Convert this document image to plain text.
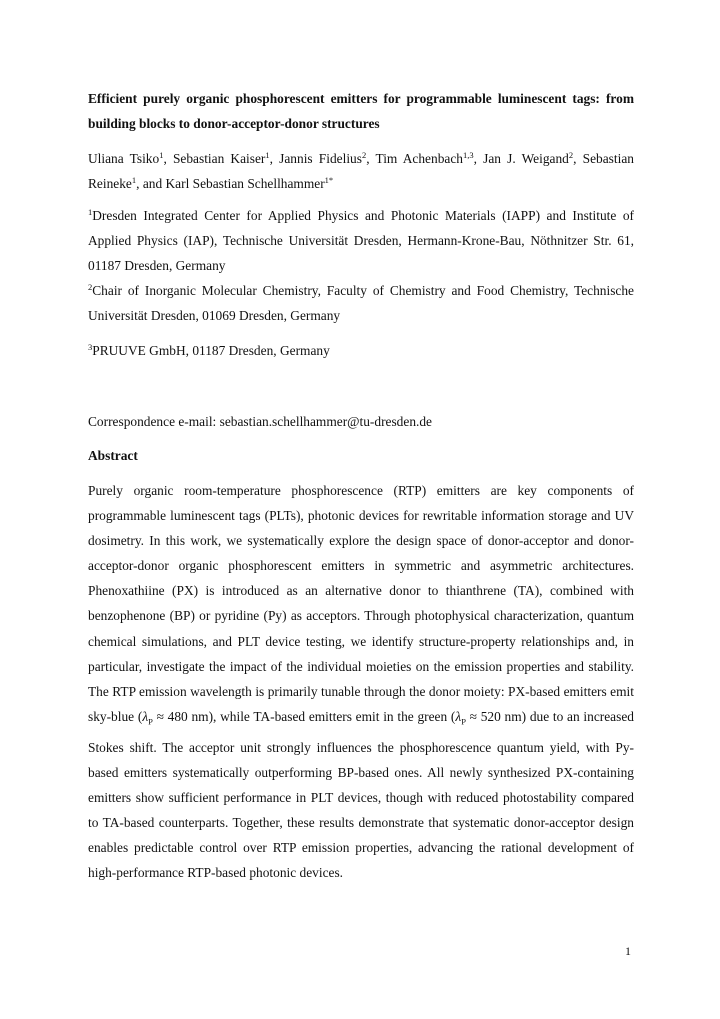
Efficient purely organic phosphorescent emitters for programmable luminescent tags: from building blocks to donor-acceptor-donor structures

Uliana Tsiko$^1$, Sebastian Kaiser$^1$, Jannis Fidelius$^2$, Tim Achenbach$^{1,3}$, Jan J. Weigand$^2$, Sebastian Reineke$^1$, and Karl Sebastian Schellhammer$^{1*}$

$^1$Dresden Integrated Center for Applied Physics and Photonic Materials (IAPP) and Institute of Applied Physics (IAP), Technische Universität Dresden, Hermann-Krone-Bau, Nöthnitzer Str. 61, 01187 Dresden, Germany

$^2$Chair of Inorganic Molecular Chemistry, Faculty of Chemistry and Food Chemistry, Technische Universität Dresden, 01069 Dresden, Germany

$^3$PRUUVE GmbH, 01187 Dresden, Germany

Correspondence e-mail: sebastian.schellhammer@tu-dresden.de

Abstract

Purely organic room-temperature phosphorescence (RTP) emitters are key components of programmable luminescent tags (PLTs), photonic devices for rewritable information storage and UV dosimetry. In this work, we systematically explore the design space of donor-acceptor and donor-acceptor-donor organic phosphorescent emitters in symmetric and asymmetric architectures. Phenoxathiine (PX) is introduced as an alternative donor to thianthrene (TA), combined with benzophenone (BP) or pyridine (Py) as acceptors. Through photophysical characterization, quantum chemical simulations, and PLT device testing, we identify structure-property relationships and, in particular, investigate the impact of the individual moieties on the emission properties and stability. The RTP emission wavelength is primarily tunable through the donor moiety: PX-based emitters emit sky-blue ($\lambda_P \approx 480$ nm), while TA-based emitters emit in the green ($\lambda_P \approx 520$ nm) due to an increased Stokes shift. The acceptor unit strongly influences the phosphorescence quantum yield, with Py-based emitters systematically outperforming BP-based ones. All newly synthesized PX-containing emitters show sufficient performance in PLT devices, though with reduced photostability compared to TA-based counterparts. Together, these results demonstrate that systematic donor-acceptor design enables predictable control over RTP emission properties, advancing the rational development of high-performance RTP-based photonic devices.

1
